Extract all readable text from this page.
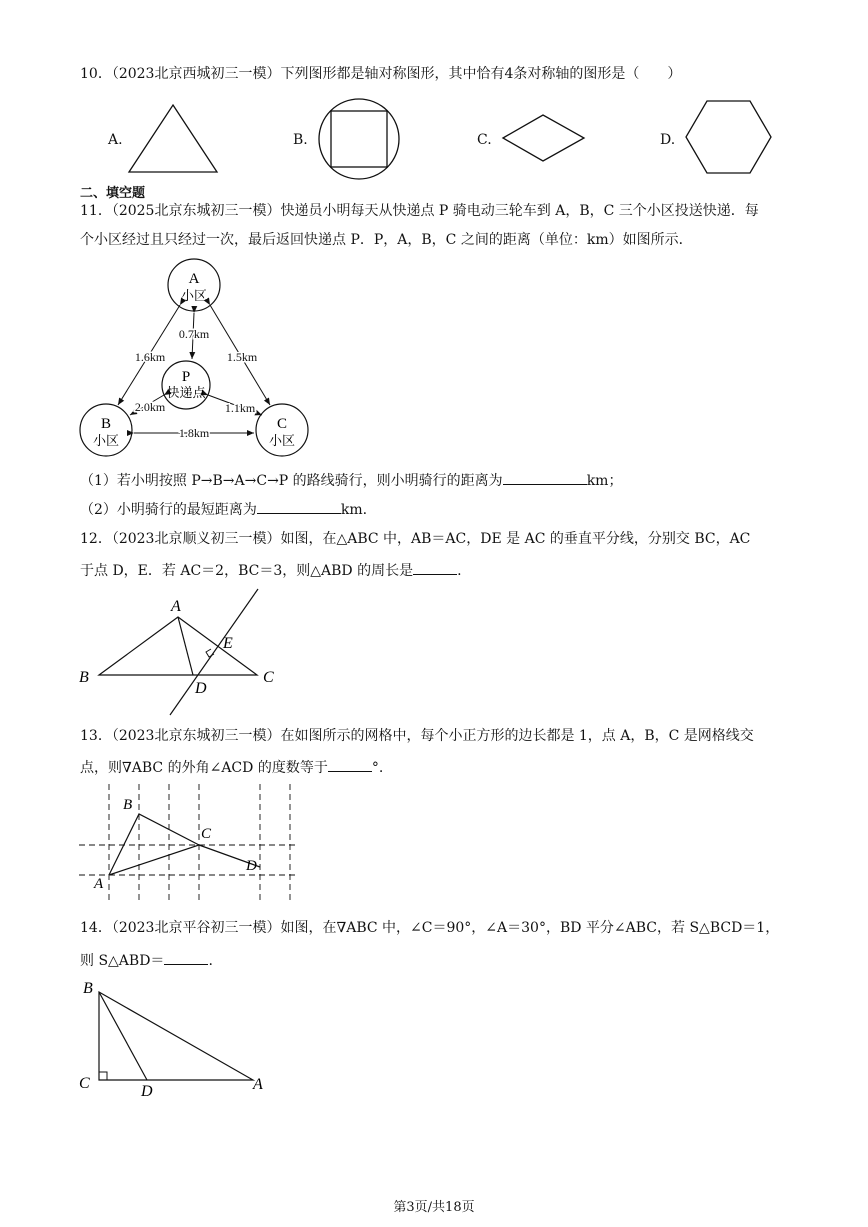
10．（2023北京西城初三一模）下列图形都是轴对称图形，其中恰有4条对称轴的图形是（　　）
A.	B.	C.	D.
二、填空题
11．（2025北京东城初三一模）快递员小明每天从快递点 P 骑电动三轮车到 A，B，C 三个小区投送快递．每
个小区经过且只经过一次，最后返回快递点 P．P，A，B，C 之间的距离（单位：km）如图所示．
A
小区
P
快递点
B
小区
C
小区
0.7km
1.6km	1.5km
2.0km	1.1km
1.8km
（1）若小明按照 P→B→A→C→P 的路线骑行，则小明骑行的距离为	km；
（2）小明骑行的最短距离为	km.
12．（2023北京顺义初三一模）如图，在△ABC 中，AB＝AC，DE 是 AC 的垂直平分线，分别交 BC，AC
于点 D，E．若 AC＝2，BC＝3，则△ABD 的周长是	.
A
B	C
D
E
13．（2023北京东城初三一模）在如图所示的网格中，每个小正方形的边长都是 1，点 A，B，C 是网格线交
点，则∇ABC 的外角∠ACD 的度数等于	°.
B
A
C
D
14．（2023北京平谷初三一模）如图，在∇ABC 中，∠C＝90°，∠A＝30°，BD 平分∠ABC，若 S△BCD＝1，
则 S△ABD＝	.
B
C	D	A
第3页/共18页
